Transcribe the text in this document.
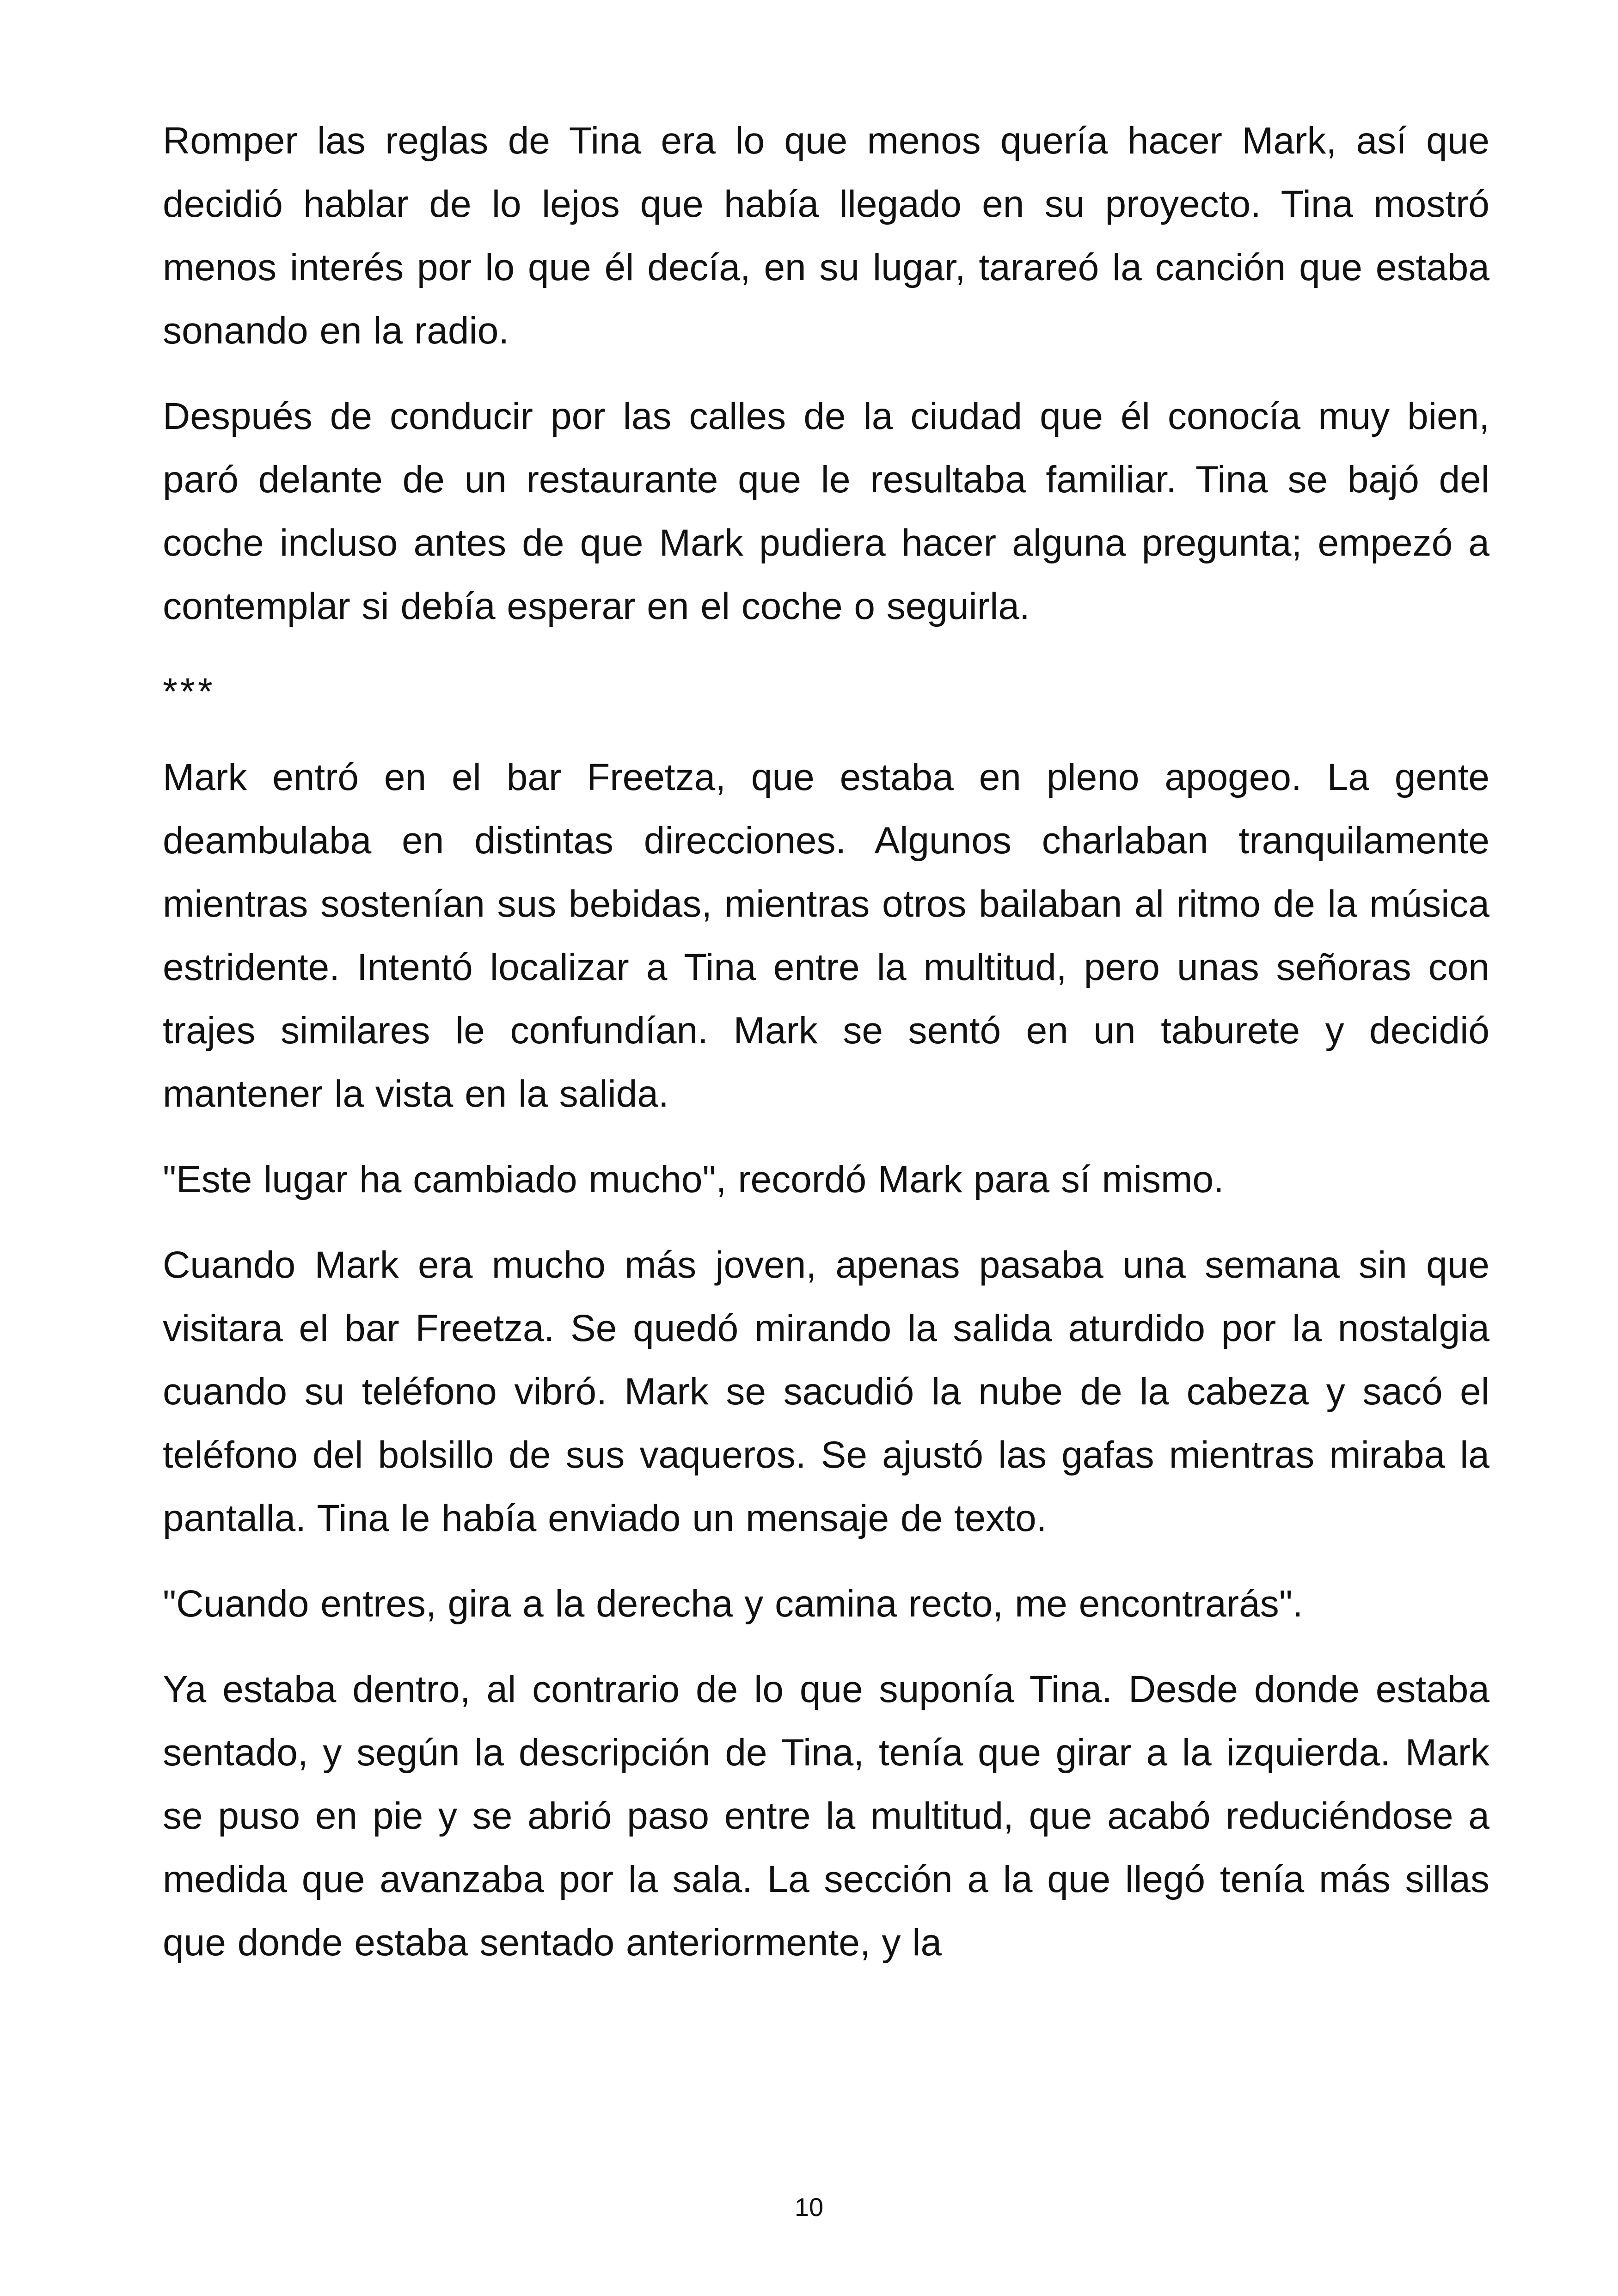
Romper las reglas de Tina era lo que menos quería hacer Mark, así que decidió hablar de lo lejos que había llegado en su proyecto. Tina mostró menos interés por lo que él decía, en su lugar, tarareó la canción que estaba sonando en la radio.

Después de conducir por las calles de la ciudad que él conocía muy bien, paró delante de un restaurante que le resultaba familiar. Tina se bajó del coche incluso antes de que Mark pudiera hacer alguna pregunta; empezó a contemplar si debía esperar en el coche o seguirla.

***

Mark entró en el bar Freetza, que estaba en pleno apogeo. La gente deambulaba en distintas direcciones. Algunos charlaban tranquilamente mientras sostenían sus bebidas, mientras otros bailaban al ritmo de la música estridente. Intentó localizar a Tina entre la multitud, pero unas señoras con trajes similares le confundían. Mark se sentó en un taburete y decidió mantener la vista en la salida.

"Este lugar ha cambiado mucho", recordó Mark para sí mismo.

Cuando Mark era mucho más joven, apenas pasaba una semana sin que visitara el bar Freetza. Se quedó mirando la salida aturdido por la nostalgia cuando su teléfono vibró. Mark se sacudió la nube de la cabeza y sacó el teléfono del bolsillo de sus vaqueros. Se ajustó las gafas mientras miraba la pantalla. Tina le había enviado un mensaje de texto.

"Cuando entres, gira a la derecha y camina recto, me encontrarás".

Ya estaba dentro, al contrario de lo que suponía Tina. Desde donde estaba sentado, y según la descripción de Tina, tenía que girar a la izquierda. Mark se puso en pie y se abrió paso entre la multitud, que acabó reduciéndose a medida que avanzaba por la sala. La sección a la que llegó tenía más sillas que donde estaba sentado anteriormente, y la

10
